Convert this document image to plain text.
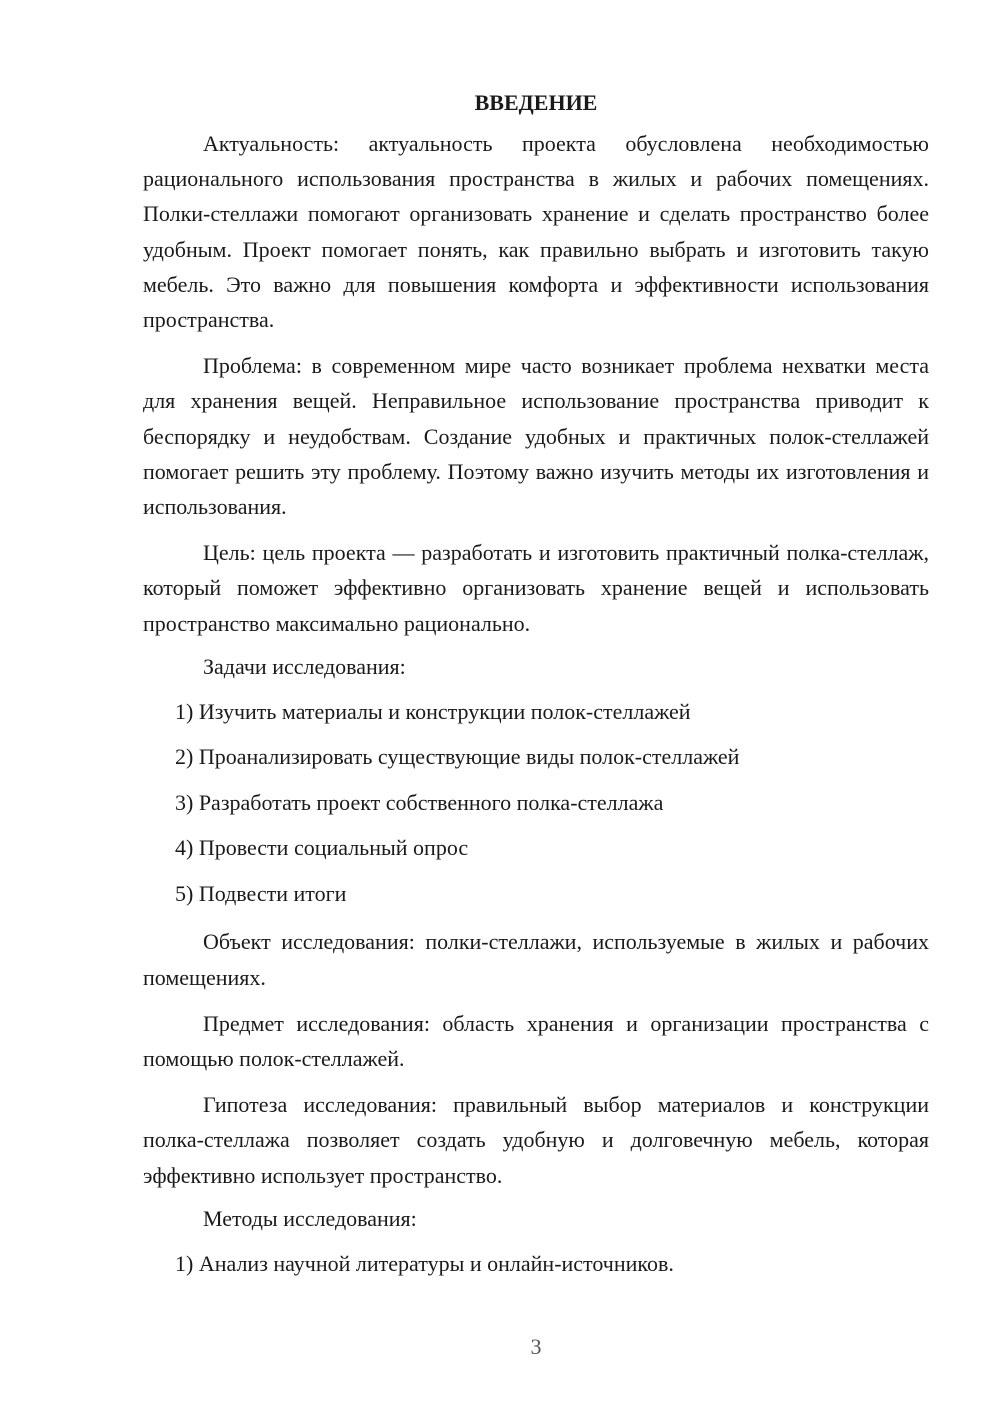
ВВЕДЕНИЕ

Актуальность: актуальность проекта обусловлена необходимостью рационального использования пространства в жилых и рабочих помещениях. Полки-стеллажи помогают организовать хранение и сделать пространство более удобным. Проект помогает понять, как правильно выбрать и изготовить такую мебель. Это важно для повышения комфорта и эффективности использования пространства.

Проблема: в современном мире часто возникает проблема нехватки места для хранения вещей. Неправильное использование пространства приводит к беспорядку и неудобствам. Создание удобных и практичных полок-стеллажей помогает решить эту проблему. Поэтому важно изучить методы их изготовления и использования.

Цель: цель проекта — разработать и изготовить практичный полка-стеллаж, который поможет эффективно организовать хранение вещей и использовать пространство максимально рационально.

Задачи исследования:
1) Изучить материалы и конструкции полок-стеллажей
2) Проанализировать существующие виды полок-стеллажей
3) Разработать проект собственного полка-стеллажа
4) Провести социальный опрос
5) Подвести итоги

Объект исследования: полки-стеллажи, используемые в жилых и рабочих помещениях.

Предмет исследования: область хранения и организации пространства с помощью полок-стеллажей.

Гипотеза исследования: правильный выбор материалов и конструкции полка-стеллажа позволяет создать удобную и долговечную мебель, которая эффективно использует пространство.

Методы исследования:
1) Анализ научной литературы и онлайн-источников.
3
